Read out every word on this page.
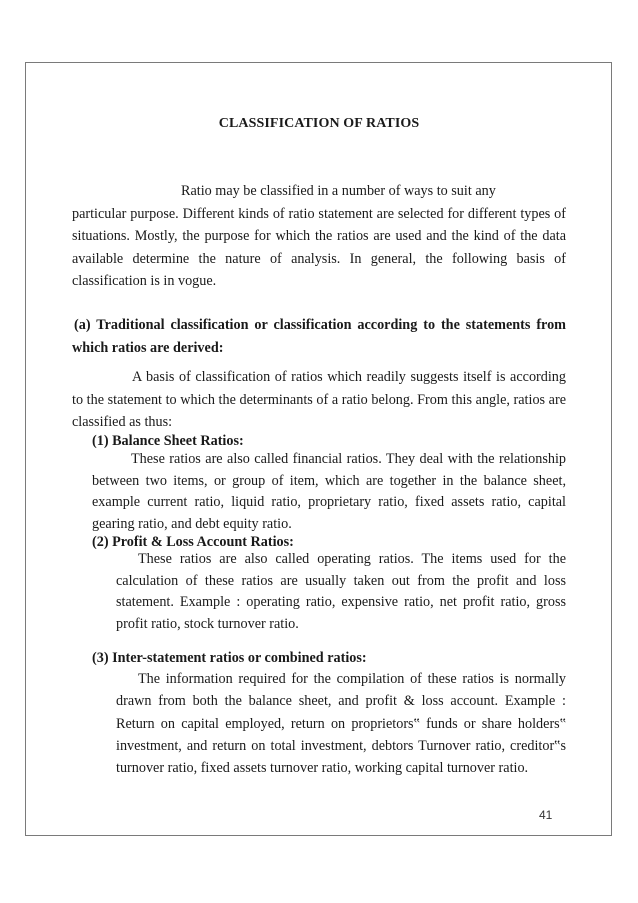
CLASSIFICATION OF RATIOS

Ratio may be classified in a number of ways to suit any
particular purpose. Different kinds of ratio statement are selected for different types of situations. Mostly, the purpose for which the ratios are used and the kind of the data available determine the nature of analysis. In general, the following basis of classification is in vogue.

(a) Traditional classification or classification according to the statements from which ratios are derived:

A basis of classification of ratios which readily suggests itself is according to the statement to which the determinants of a ratio belong. From this angle, ratios are classified as thus:

(1) Balance Sheet Ratios:

These ratios are also called financial ratios. They deal with the relationship between two items, or group of item, which are together in the balance sheet, example current ratio, liquid ratio, proprietary ratio, fixed assets ratio, capital gearing ratio, and debt equity ratio.

(2) Profit & Loss Account Ratios:

These ratios are also called operating ratios. The items used for the calculation of these ratios are usually taken out from the profit and loss statement. Example : operating ratio, expensive ratio, net profit ratio, gross profit ratio, stock turnover ratio.

(3) Inter-statement ratios or combined ratios:

The information required for the compilation of these ratios is normally drawn from both the balance sheet, and profit & loss account. Example : Return on capital employed, return on proprietors‟ funds or share holders‟ investment, and return on total investment, debtors Turnover ratio, creditor‟s turnover ratio, fixed assets turnover ratio, working capital turnover ratio.

41
